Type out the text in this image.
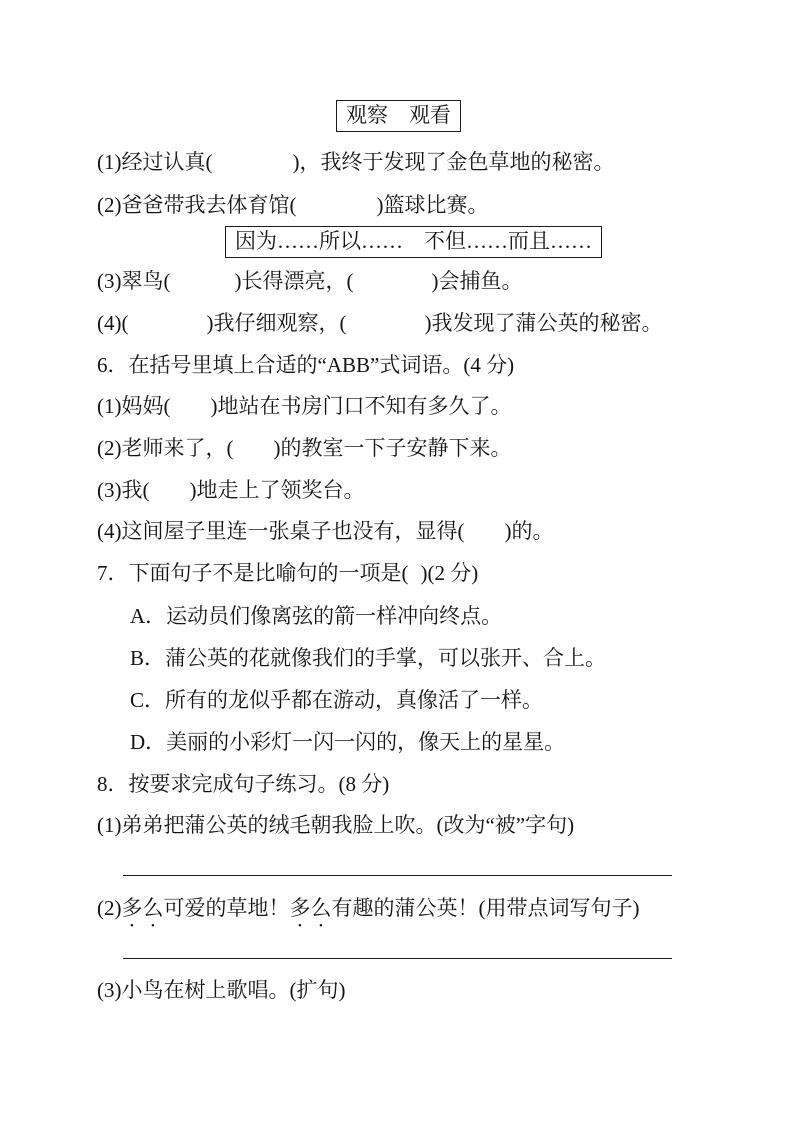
观察　观看
(1)经过认真(	)，我终于发现了金色草地的秘密。
(2)爸爸带我去体育馆(	)篮球比赛。
因为……所以……　不但……而且……
(3)翠鸟(	)长得漂亮，(	)会捕鱼。
(4)(	)我仔细观察，(	)我发现了蒲公英的秘密。
6．在括号里填上合适的“ABB”式词语。(4 分)
(1)妈妈( )地站在书房门口不知有多久了。
(2)老师来了，( )的教室一下子安静下来。
(3)我( )地走上了领奖台。
(4)这间屋子里连一张桌子也没有，显得( )的。
7．下面句子不是比喻句的一项是( )(2 分)
A．运动员们像离弦的箭一样冲向终点。
B．蒲公英的花就像我们的手掌，可以张开、合上。
C．所有的龙似乎都在游动，真像活了一样。
D．美丽的小彩灯一闪一闪的，像天上的星星。
8．按要求完成句子练习。(8 分)
(1)弟弟把蒲公英的绒毛朝我脸上吹。(改为“被”字句)
(2)多么可爱的草地！多么有趣的蒲公英！(用带点词写句子)
(3)小鸟在树上歌唱。(扩句)
